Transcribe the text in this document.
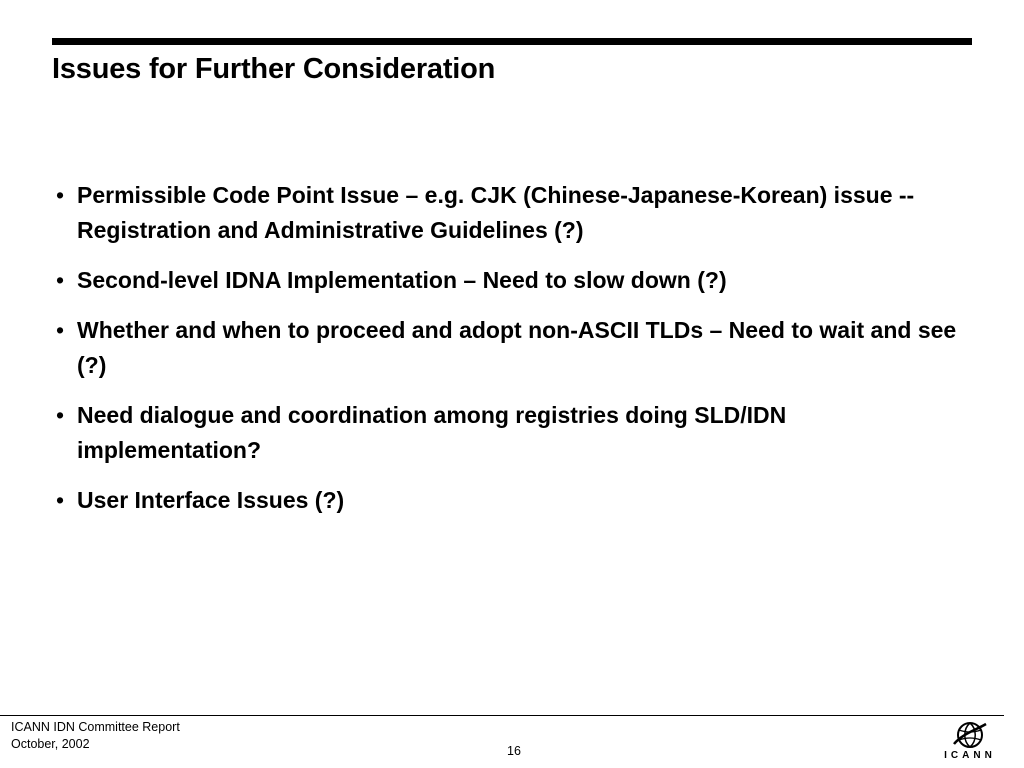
Issues for Further Consideration
• Permissible Code Point Issue – e.g. CJK (Chinese-Japanese-Korean) issue -- Registration and Administrative Guidelines (?)
• Second-level IDNA Implementation – Need to slow down (?)
• Whether and when to proceed and adopt non-ASCII TLDs – Need to wait and see (?)
• Need dialogue and coordination among registries doing SLD/IDN implementation?
• User Interface Issues (?)
ICANN IDN Committee Report
October, 2002	16	ICANN
